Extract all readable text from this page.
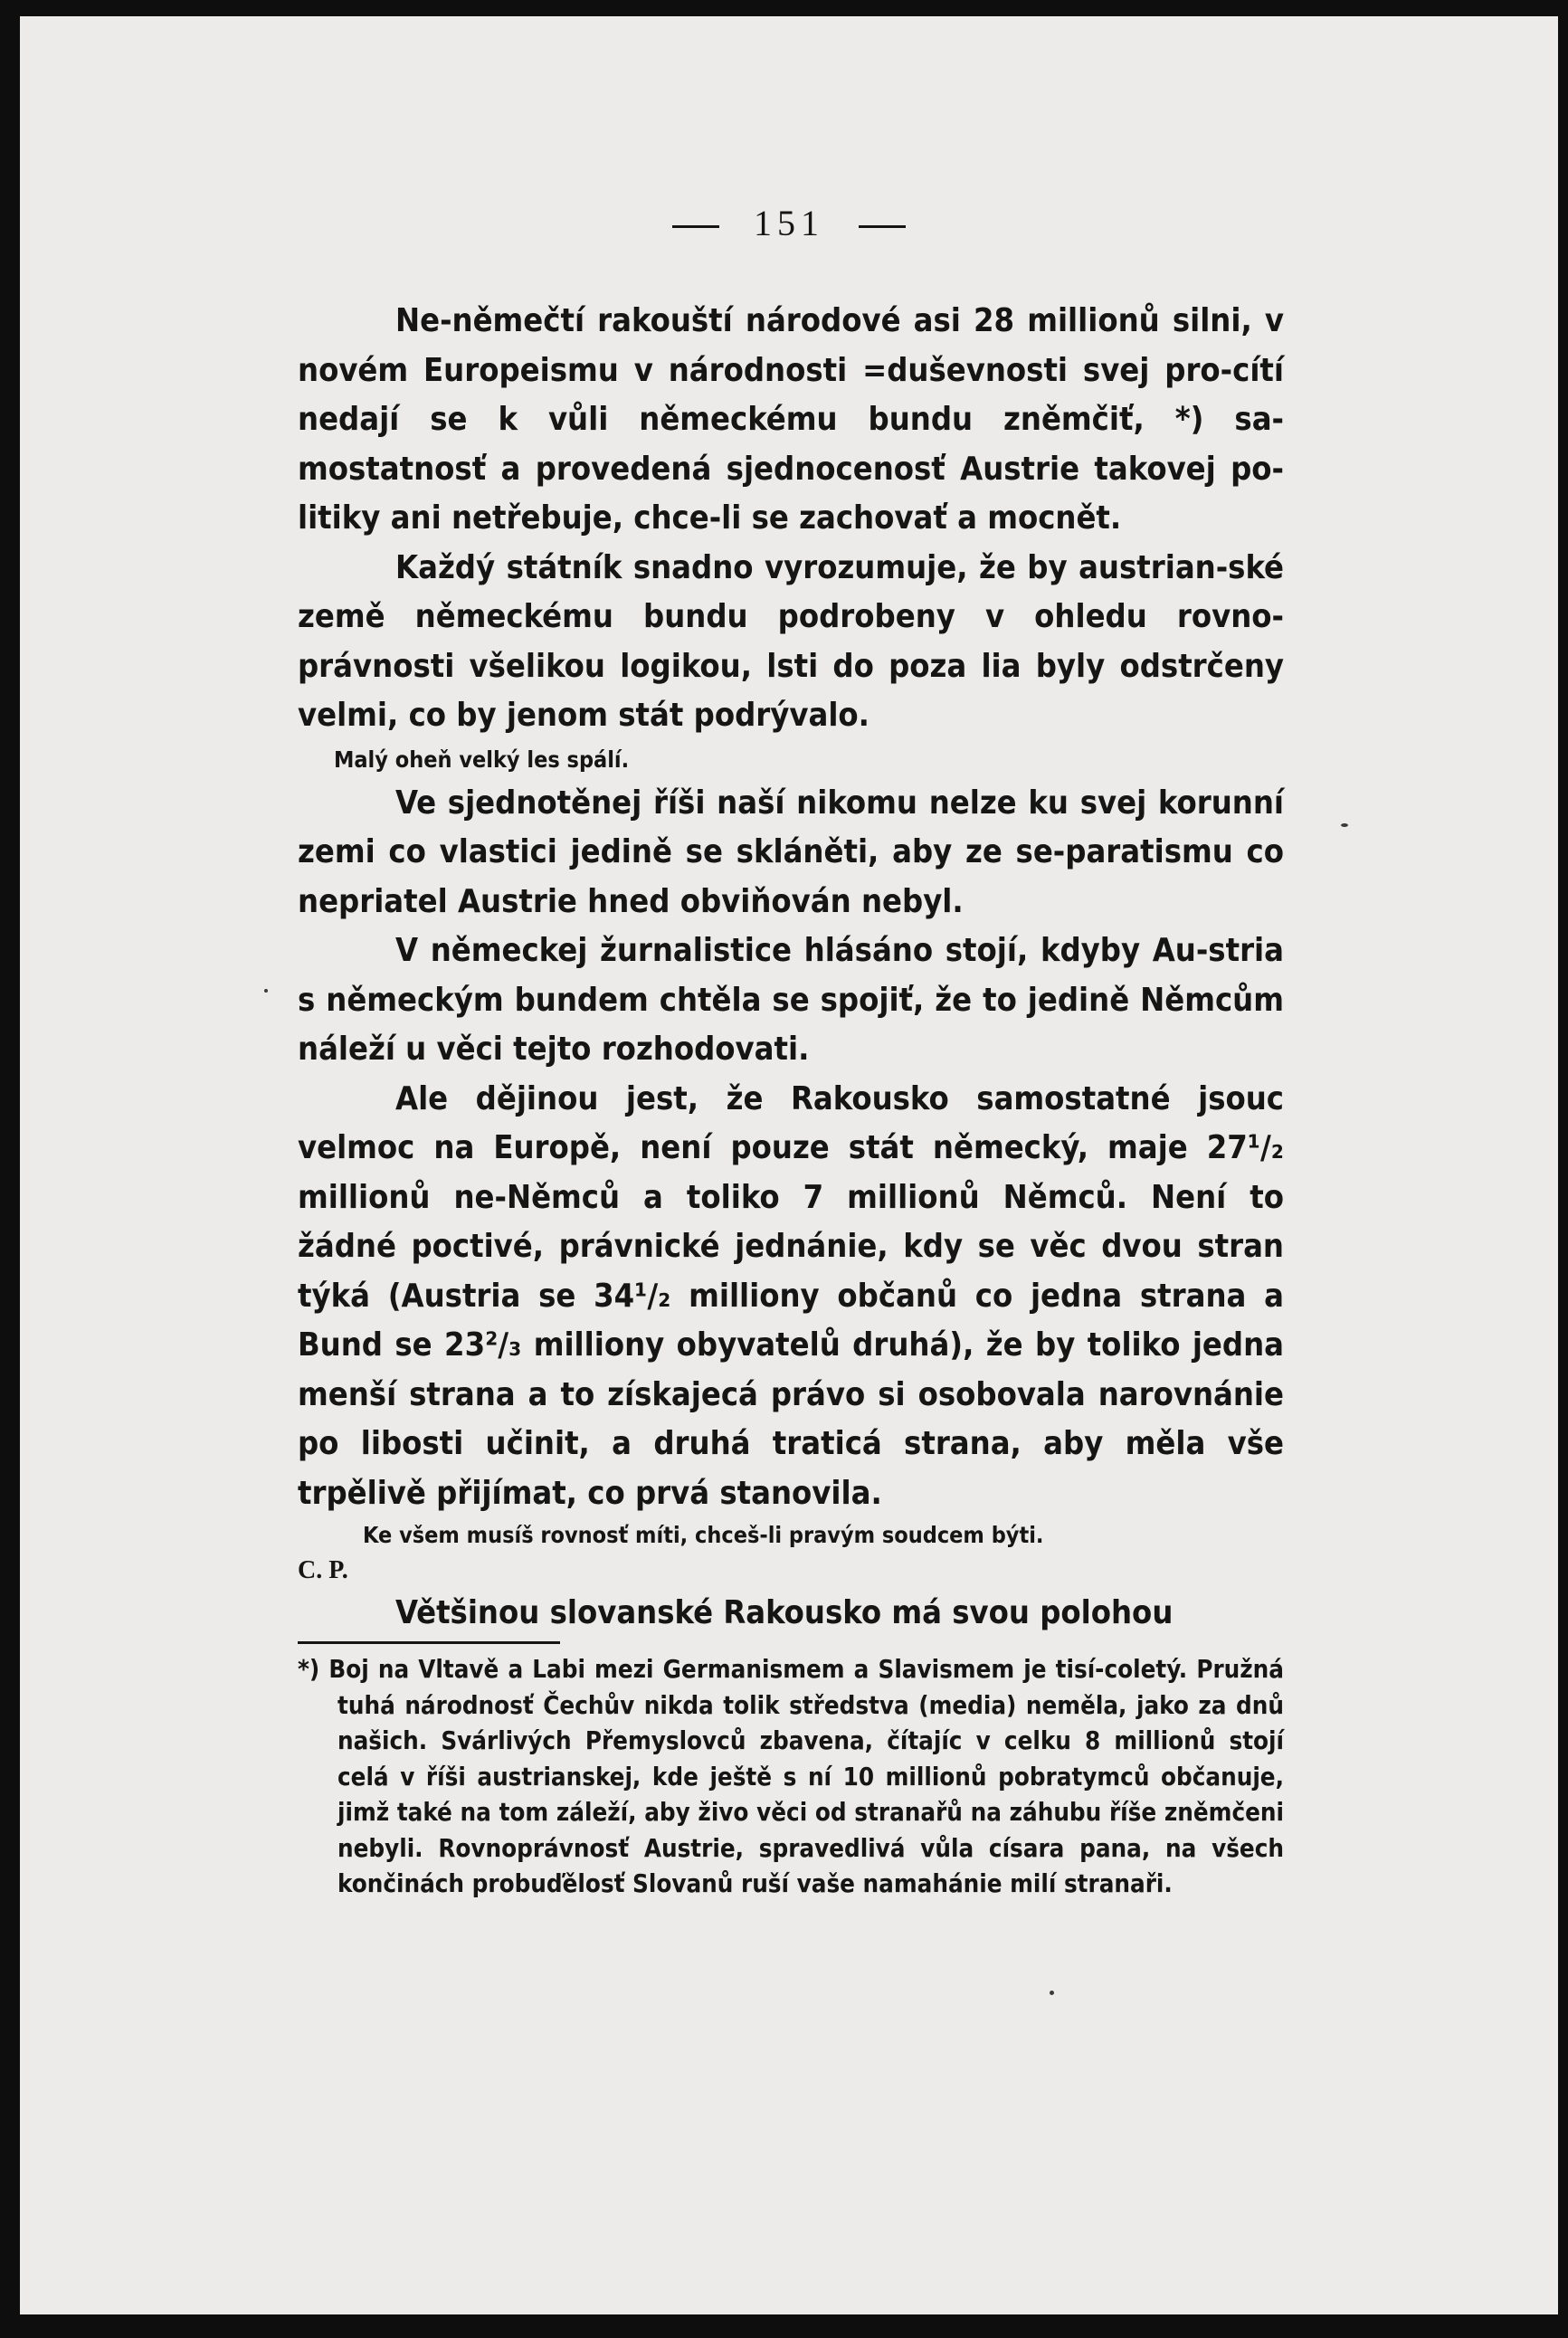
151

Ne-němečtí rakouští národové asi 28 millionů silni, v novém Europeismu v národnosti =duševnosti svej pro-cítí nedají se k vůli německému bundu zněmčiť, *) sa-mostatnosť a provedená sjednocenosť Austrie takovej po-litiky ani netřebuje, chce-li se zachovať a mocnět.

Každý státník snadno vyrozumuje, že by austrian-ské země německému bundu podrobeny v ohledu rovno-právnosti všelikou logikou, lsti do poza lia byly odstrčeny velmi, co by jenom stát podrývalo.

Malý oheň velký les spálí.

Ve sjednotěnej říši naší nikomu nelze ku svej korunní zemi co vlastici jedině se skláněti, aby ze se-paratismu co nepriatel Austrie hned obviňován nebyl.

V německej žurnalistice hlásáno stojí, kdyby Au-stria s německým bundem chtěla se spojiť, že to jedině Němcům náleží u věci tejto rozhodovati.

Ale dějinou jest, že Rakousko samostatné jsouc velmoc na Europě, není pouze stát německý, maje 27¹/₂ millionů ne-Němců a toliko 7 millionů Němců. Není to žádné poctivé, právnické jednánie, kdy se věc dvou stran týká (Austria se 34¹/₂ milliony občanů co jedna strana a Bund se 23²/₃ milliony obyvatelů druhá), že by toliko jedna menší strana a to získajecá právo si osobovala narovnánie po libosti učinit, a druhá traticá strana, aby měla vše trpělivě přijímat, co prvá stanovila.

Ke všem musíš rovnosť míti, chceš-li pravým soudcem býti.

C. P.

Většinou slovanské Rakousko má svou polohou

*) Boj na Vltavě a Labi mezi Germanismem a Slavismem je tisí-coletý. Pružná tuhá národnosť Čechův nikda tolik středstva (media) neměla, jako za dnů našich. Svárlivých Přemyslovců zbavena, čítajíc v celku 8 millionů stojí celá v říši austrianskej, kde ještě s ní 10 millionů pobratymců občanuje, jimž také na tom záleží, aby živo věci od stranařů na záhubu říše zněmčeni nebyli. Rovnoprávnosť Austrie, spravedlivá vůla císara pana, na všech končinách probuďělosť Slovanů ruší vaše namahánie milí stranaři.
